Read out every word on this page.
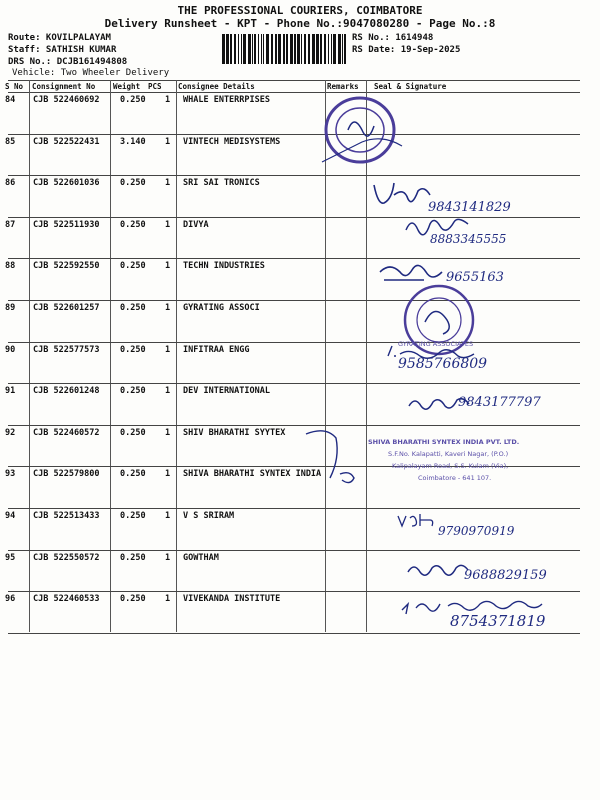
THE PROFESSIONAL COURIERS, COIMBATORE
Delivery Runsheet - KPT - Phone No.:9047080280 - Page No.:8
Route: KOVILPALAYAM
Staff: SATHISH KUMAR
DRS No.: DCJB161494808
Vehicle: Two Wheeler Delivery
RS No.: 1614948
RS Date: 19-Sep-2025
S No Consignment No Weight PCS Consignee Details	Remarks Seal & Signature
84 CJB 522460692 0.250 1 WHALE ENTERRPISES
85 CJB 522522431 3.140 1 VINTECH MEDISYSTEMS
86 CJB 522601036 0.250 1 SRI SAI TRONICS
87 CJB 522511930 0.250 1 DIVYA
88 CJB 522592550 0.250 1 TECHN INDUSTRIES
89 CJB 522601257 0.250 1 GYRATING ASSOCI
90 CJB 522577573 0.250 1 INFITRAA ENGG
91 CJB 522601248 0.250 1 DEV INTERNATIONAL
92 CJB 522460572 0.250 1 SHIV BHARATHI SYYTEX
93 CJB 522579800 0.250 1 SHIVA BHARATHI SYNTEX INDIA
94 CJB 522513433 0.250 1 V S SRIRAM
95 CJB 522550572 0.250 1 GOWTHAM
96 CJB 522460533 0.250 1 VIVEKANDA INSTITUTE
GYRATING ASSOCIATES
SHIVA BHARATHI SYNTEX INDIA PVT. LTD.
S.F.No. Kalapatti, Kaveri Nagar, (P.O.)
Kalipalayam Road, S.S. Kulam (Via),
Coimbatore - 641 107.
9843141829
8883345555
9655163
9585766809
9843177797
9790970919
9688829159
8754371819
